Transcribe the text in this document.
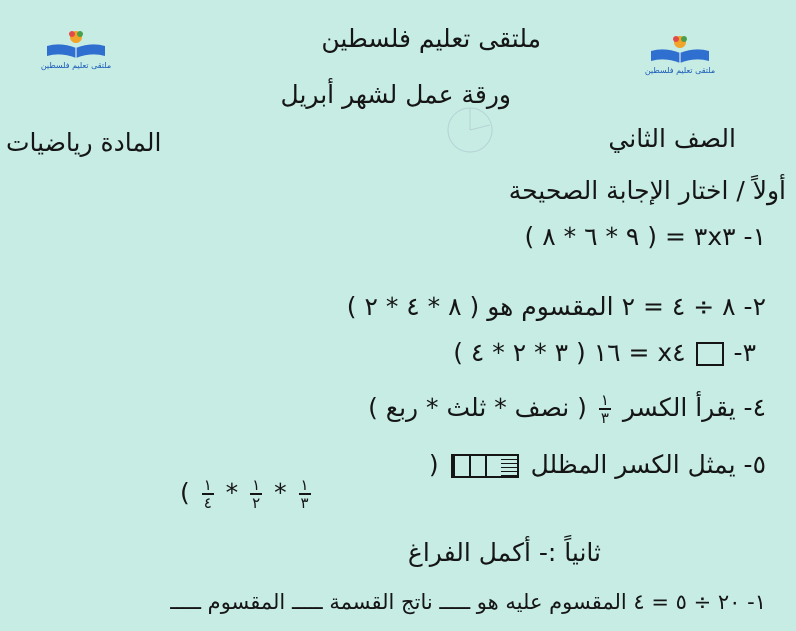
ملتقى تعليم فلسطين
ملتقى تعليم فلسطين
ملتقى تعليم فلسطين
ورقة عمل لشهر أبريل
الصف الثاني
المادة رياضيات
أولاً / اختار الإجابة الصحيحة
١- ٣x٣ = ( ٩ * ٦ * ٨ )
٢- ٨ ÷ ٤ = ٢ المقسوم هو ( ٨ * ٤ * ٢ )
٣-  x٤ = ١٦ ( ٣ * ٢ * ٤ )
٤- يقرأ الكسر $\frac{١}{٣}$ ( نصف * ثلث * ربع )
٥- يمثل الكسر المظلل  (
$\frac{١}{٣} * \frac{١}{٢} * \frac{١}{٤}$ )
ثانياً :- أكمل الفراغ
١- ٢٠ ÷ ٥ = ٤ المقسوم عليه هو ـــــ ناتج القسمة ـــــ المقسوم ـــــ
